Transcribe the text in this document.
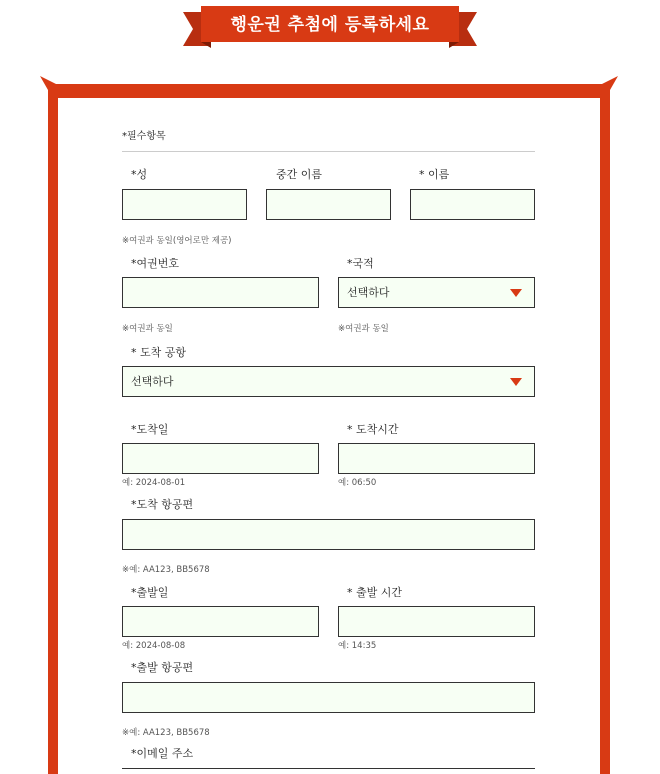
행운권 추첨에 등록하세요
*필수항목
*성	중간 이름	* 이름
※여권과 동일(영어로만 제공)
*여권번호	*국적
선택하다
※여권과 동일	※여권과 동일
* 도착 공항
선택하다
*도착일	* 도착시간
예: 2024-08-01	예: 06:50
*도착 항공편
※예: AA123, BB5678
*출발일	* 출발 시간
예: 2024-08-08	예: 14:35
*출발 항공편
※예: AA123, BB5678
*이메일 주소
